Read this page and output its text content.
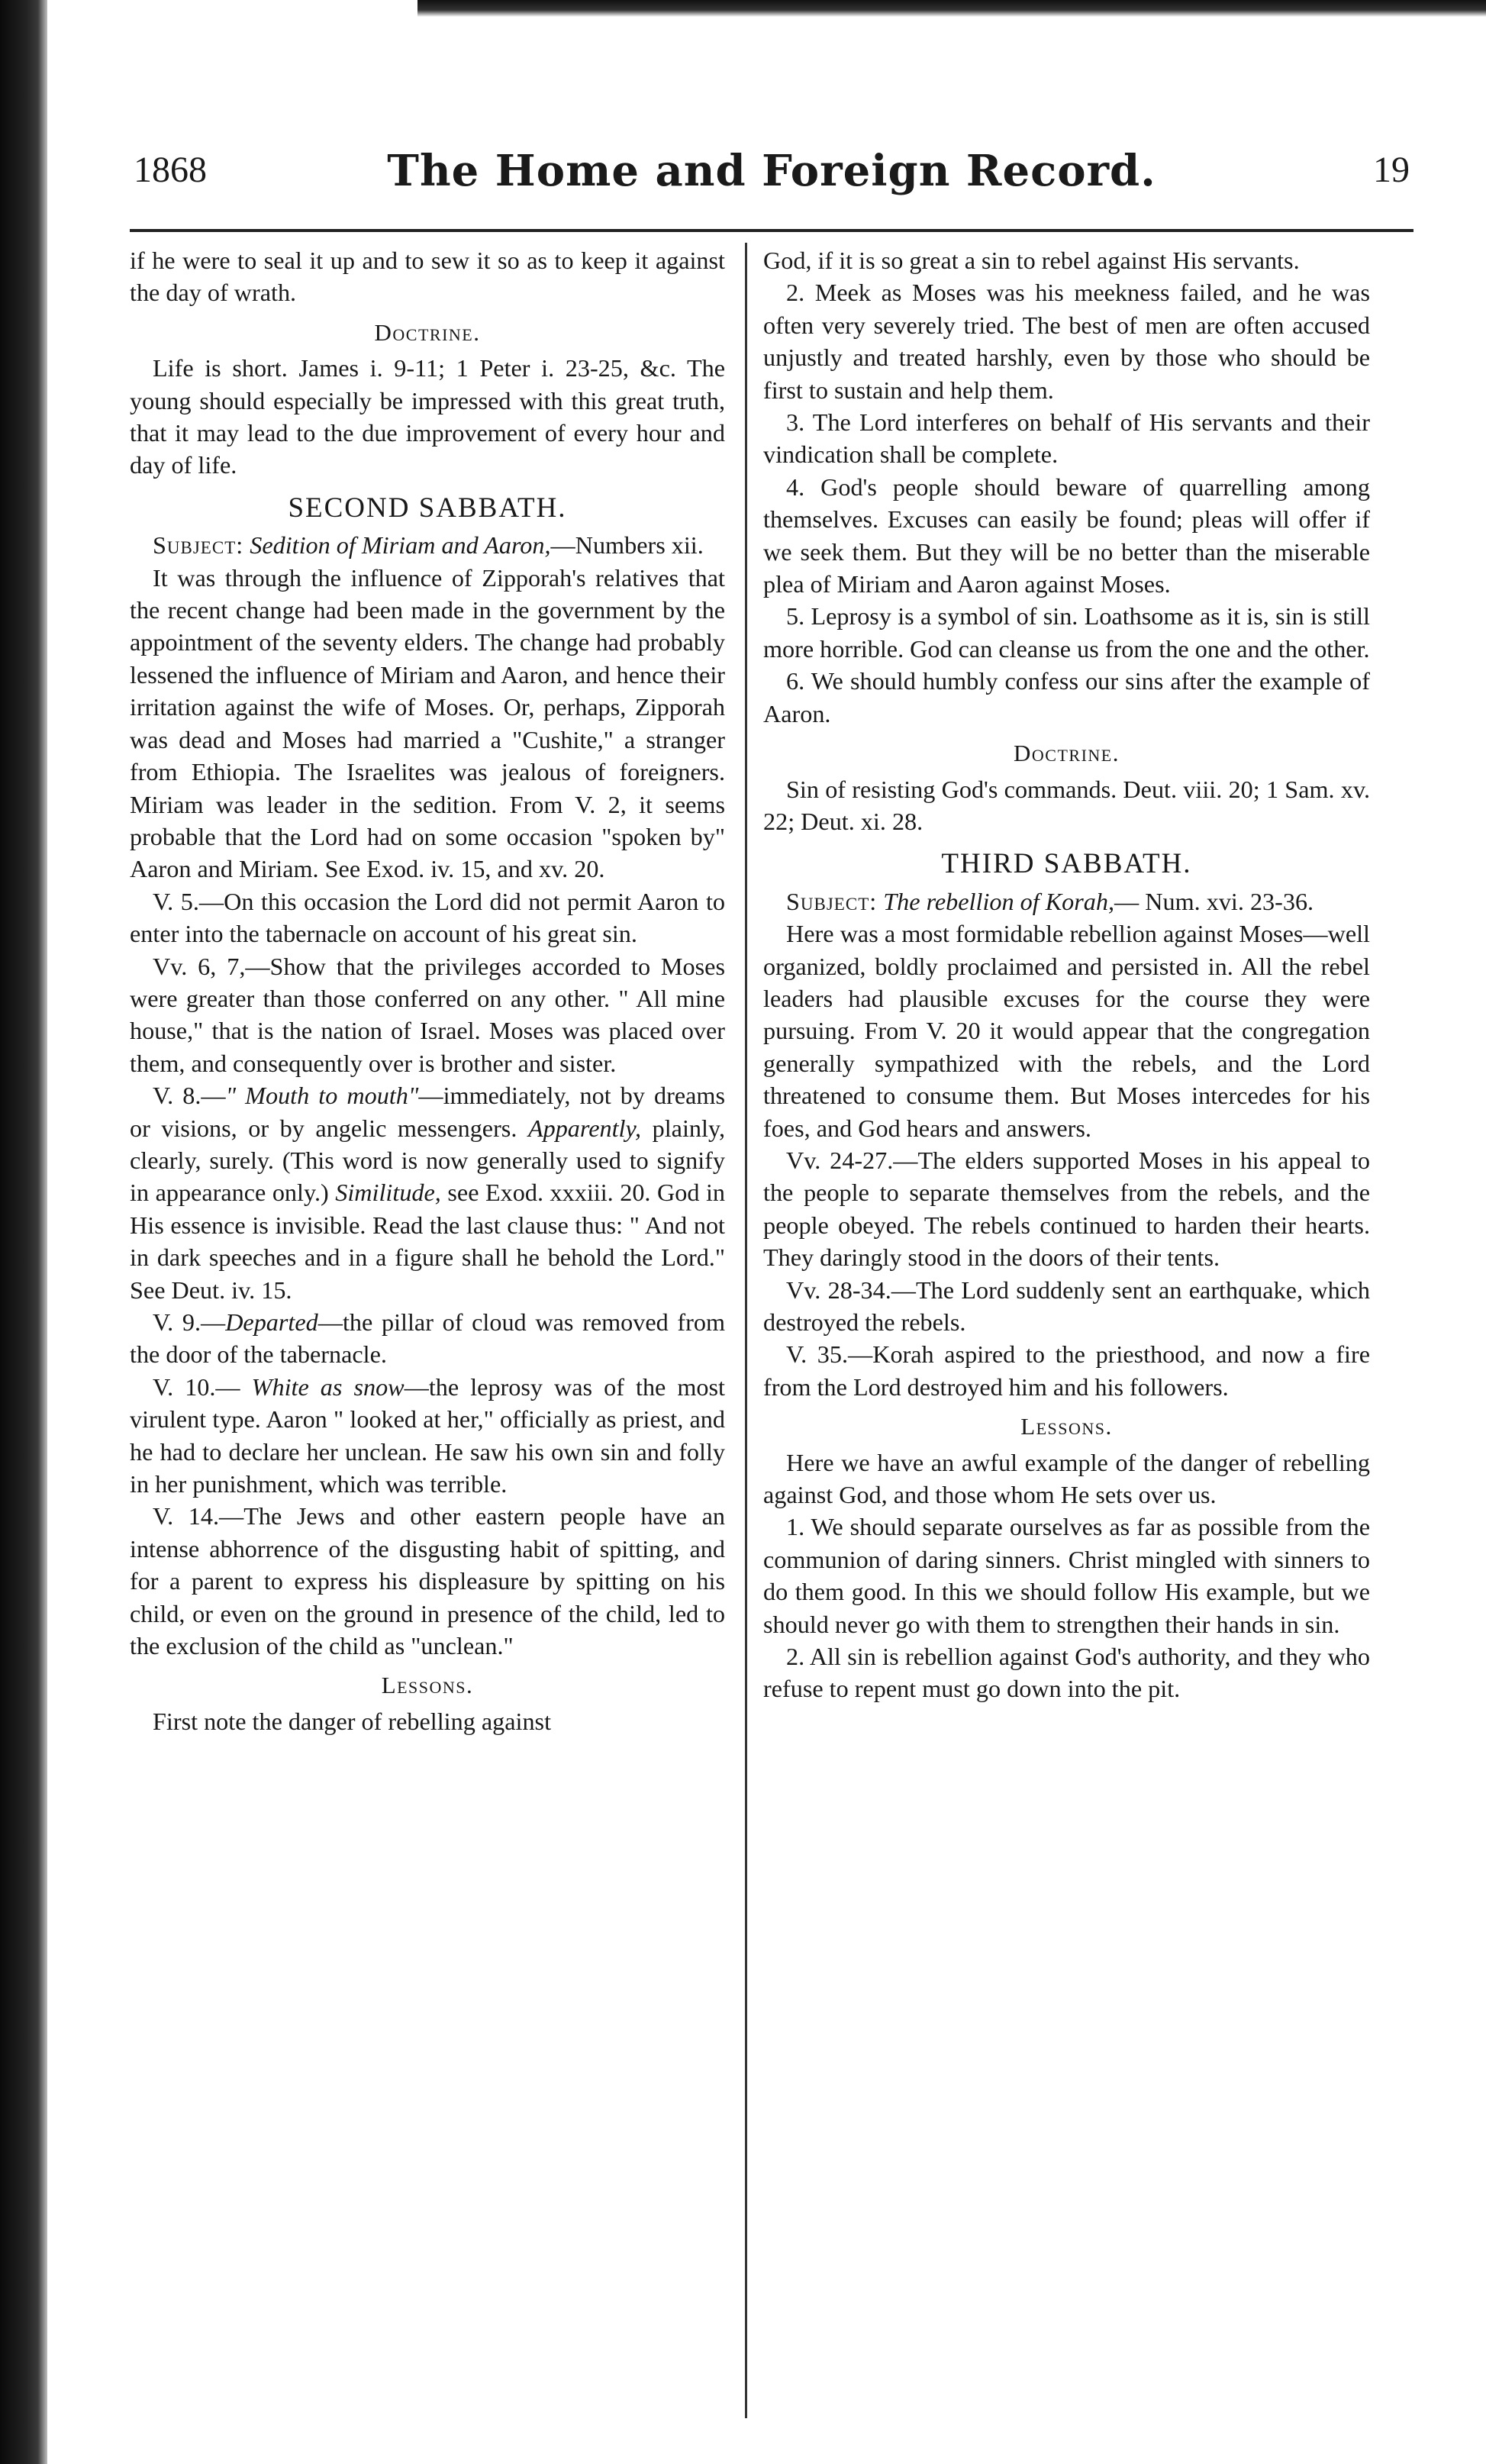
1868	The Home and Foreign Record.	19

if he were to seal it up and to sew it so as to keep it against the day of wrath.

Doctrine.

Life is short. James i. 9-11; 1 Peter i. 23-25, &c. The young should especially be impressed with this great truth, that it may lead to the due improvement of every hour and day of life.

SECOND SABBATH.

Subject: Sedition of Miriam and Aaron,—Numbers xii.

It was through the influence of Zipporah's relatives that the recent change had been made in the government by the appointment of the seventy elders. The change had probably lessened the influence of Miriam and Aaron, and hence their irritation against the wife of Moses. Or, perhaps, Zipporah was dead and Moses had married a "Cushite," a stranger from Ethiopia. The Israelites was jealous of foreigners. Miriam was leader in the sedition. From V. 2, it seems probable that the Lord had on some occasion "spoken by" Aaron and Miriam. See Exod. iv. 15, and xv. 20.

V. 5.—On this occasion the Lord did not permit Aaron to enter into the tabernacle on account of his great sin.

Vv. 6, 7,—Show that the privileges accorded to Moses were greater than those conferred on any other. " All mine house," that is the nation of Israel. Moses was placed over them, and consequently over is brother and sister.

V. 8.—" Mouth to mouth"—immediately, not by dreams or visions, or by angelic messengers. Apparently, plainly, clearly, surely. (This word is now generally used to signify in appearance only.) Similitude, see Exod. xxxiii. 20. God in His essence is invisible. Read the last clause thus: " And not in dark speeches and in a figure shall he behold the Lord." See Deut. iv. 15.

V. 9.—Departed—the pillar of cloud was removed from the door of the tabernacle.

V. 10.— White as snow—the leprosy was of the most virulent type. Aaron " looked at her," officially as priest, and he had to declare her unclean. He saw his own sin and folly in her punishment, which was terrible.

V. 14.—The Jews and other eastern people have an intense abhorrence of the disgusting habit of spitting, and for a parent to express his displeasure by spitting on his child, or even on the ground in presence of the child, led to the exclusion of the child as "unclean."

Lessons.

First note the danger of rebelling against

God, if it is so great a sin to rebel against His servants.

2. Meek as Moses was his meekness failed, and he was often very severely tried. The best of men are often accused unjustly and treated harshly, even by those who should be first to sustain and help them.

3. The Lord interferes on behalf of His servants and their vindication shall be complete.

4. God's people should beware of quarrelling among themselves. Excuses can easily be found; pleas will offer if we seek them. But they will be no better than the miserable plea of Miriam and Aaron against Moses.

5. Leprosy is a symbol of sin. Loathsome as it is, sin is still more horrible. God can cleanse us from the one and the other.

6. We should humbly confess our sins after the example of Aaron.

Doctrine.

Sin of resisting God's commands. Deut. viii. 20; 1 Sam. xv. 22; Deut. xi. 28.

THIRD SABBATH.

Subject: The rebellion of Korah,— Num. xvi. 23-36.

Here was a most formidable rebellion against Moses—well organized, boldly proclaimed and persisted in. All the rebel leaders had plausible excuses for the course they were pursuing. From V. 20 it would appear that the congregation generally sympathized with the rebels, and the Lord threatened to consume them. But Moses intercedes for his foes, and God hears and answers.

Vv. 24-27.—The elders supported Moses in his appeal to the people to separate themselves from the rebels, and the people obeyed. The rebels continued to harden their hearts. They daringly stood in the doors of their tents.

Vv. 28-34.—The Lord suddenly sent an earthquake, which destroyed the rebels.

V. 35.—Korah aspired to the priesthood, and now a fire from the Lord destroyed him and his followers.

Lessons.

Here we have an awful example of the danger of rebelling against God, and those whom He sets over us.

1. We should separate ourselves as far as possible from the communion of daring sinners. Christ mingled with sinners to do them good. In this we should follow His example, but we should never go with them to strengthen their hands in sin.

2. All sin is rebellion against God's authority, and they who refuse to repent must go down into the pit.
